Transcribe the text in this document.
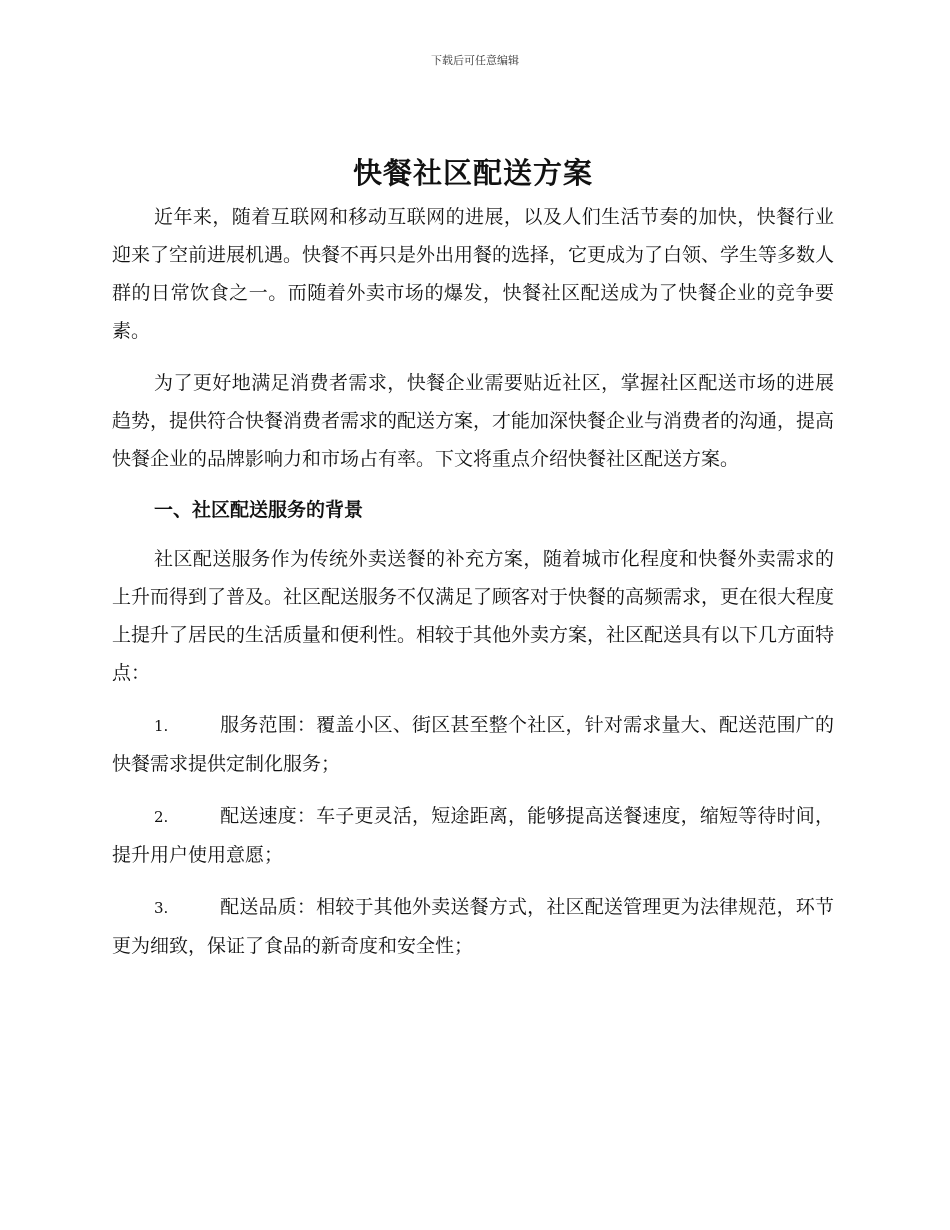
下载后可任意编辑
快餐社区配送方案

近年来，随着互联网和移动互联网的进展，以及人们生活节奏的加快，快餐行业迎来了空前进展机遇。快餐不再只是外出用餐的选择，它更成为了白领、学生等多数人群的日常饮食之一。而随着外卖市场的爆发，快餐社区配送成为了快餐企业的竞争要素。

为了更好地满足消费者需求，快餐企业需要贴近社区，掌握社区配送市场的进展趋势，提供符合快餐消费者需求的配送方案，才能加深快餐企业与消费者的沟通，提高快餐企业的品牌影响力和市场占有率。下文将重点介绍快餐社区配送方案。

一、社区配送服务的背景

社区配送服务作为传统外卖送餐的补充方案，随着城市化程度和快餐外卖需求的上升而得到了普及。社区配送服务不仅满足了顾客对于快餐的高频需求，更在很大程度上提升了居民的生活质量和便利性。相较于其他外卖方案，社区配送具有以下几方面特点：

1.	服务范围：覆盖小区、街区甚至整个社区，针对需求量大、配送范围广的快餐需求提供定制化服务；

2.	配送速度：车子更灵活，短途距离，能够提高送餐速度，缩短等待时间，提升用户使用意愿；

3.	配送品质：相较于其他外卖送餐方式，社区配送管理更为法律规范，环节更为细致，保证了食品的新奇度和安全性；
